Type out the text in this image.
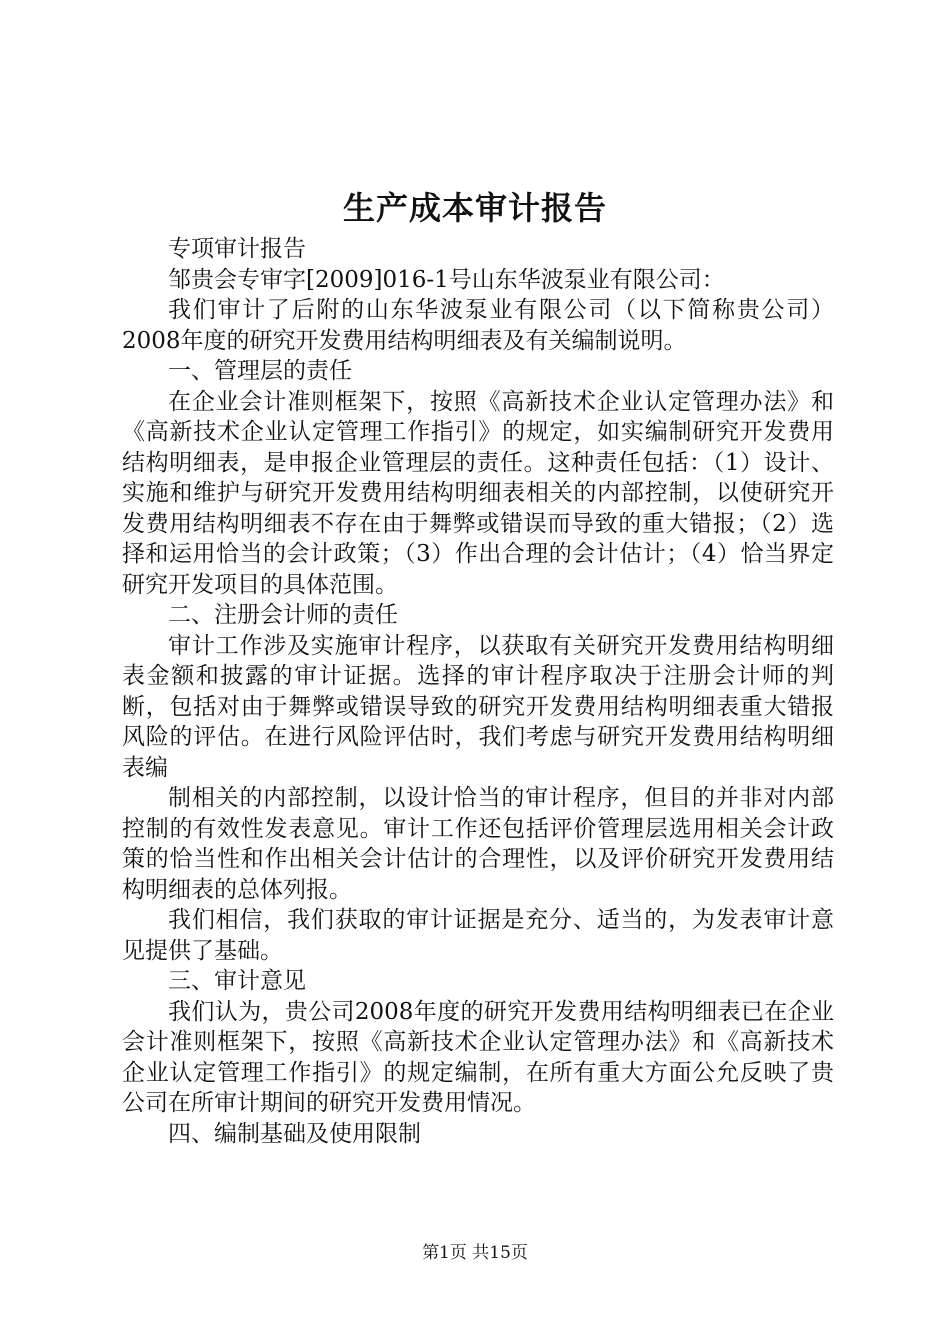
生产成本审计报告

专项审计报告

邹贵会专审字[2009]016-1号山东华波泵业有限公司：

我们审计了后附的山东华波泵业有限公司（以下简称贵公司）2008年度的研究开发费用结构明细表及有关编制说明。

一、管理层的责任

在企业会计准则框架下，按照《高新技术企业认定管理办法》和《高新技术企业认定管理工作指引》的规定，如实编制研究开发费用结构明细表，是申报企业管理层的责任。这种责任包括：（1）设计、实施和维护与研究开发费用结构明细表相关的内部控制，以使研究开发费用结构明细表不存在由于舞弊或错误而导致的重大错报；（2）选择和运用恰当的会计政策；（3）作出合理的会计估计；（4）恰当界定研究开发项目的具体范围。

二、注册会计师的责任

审计工作涉及实施审计程序，以获取有关研究开发费用结构明细表金额和披露的审计证据。选择的审计程序取决于注册会计师的判断，包括对由于舞弊或错误导致的研究开发费用结构明细表重大错报风险的评估。在进行风险评估时，我们考虑与研究开发费用结构明细表编

制相关的内部控制，以设计恰当的审计程序，但目的并非对内部控制的有效性发表意见。审计工作还包括评价管理层选用相关会计政策的恰当性和作出相关会计估计的合理性，以及评价研究开发费用结构明细表的总体列报。

我们相信，我们获取的审计证据是充分、适当的，为发表审计意见提供了基础。

三、审计意见

我们认为，贵公司2008年度的研究开发费用结构明细表已在企业会计准则框架下，按照《高新技术企业认定管理办法》和《高新技术企业认定管理工作指引》的规定编制，在所有重大方面公允反映了贵公司在所审计期间的研究开发费用情况。

四、编制基础及使用限制

第1页 共15页
